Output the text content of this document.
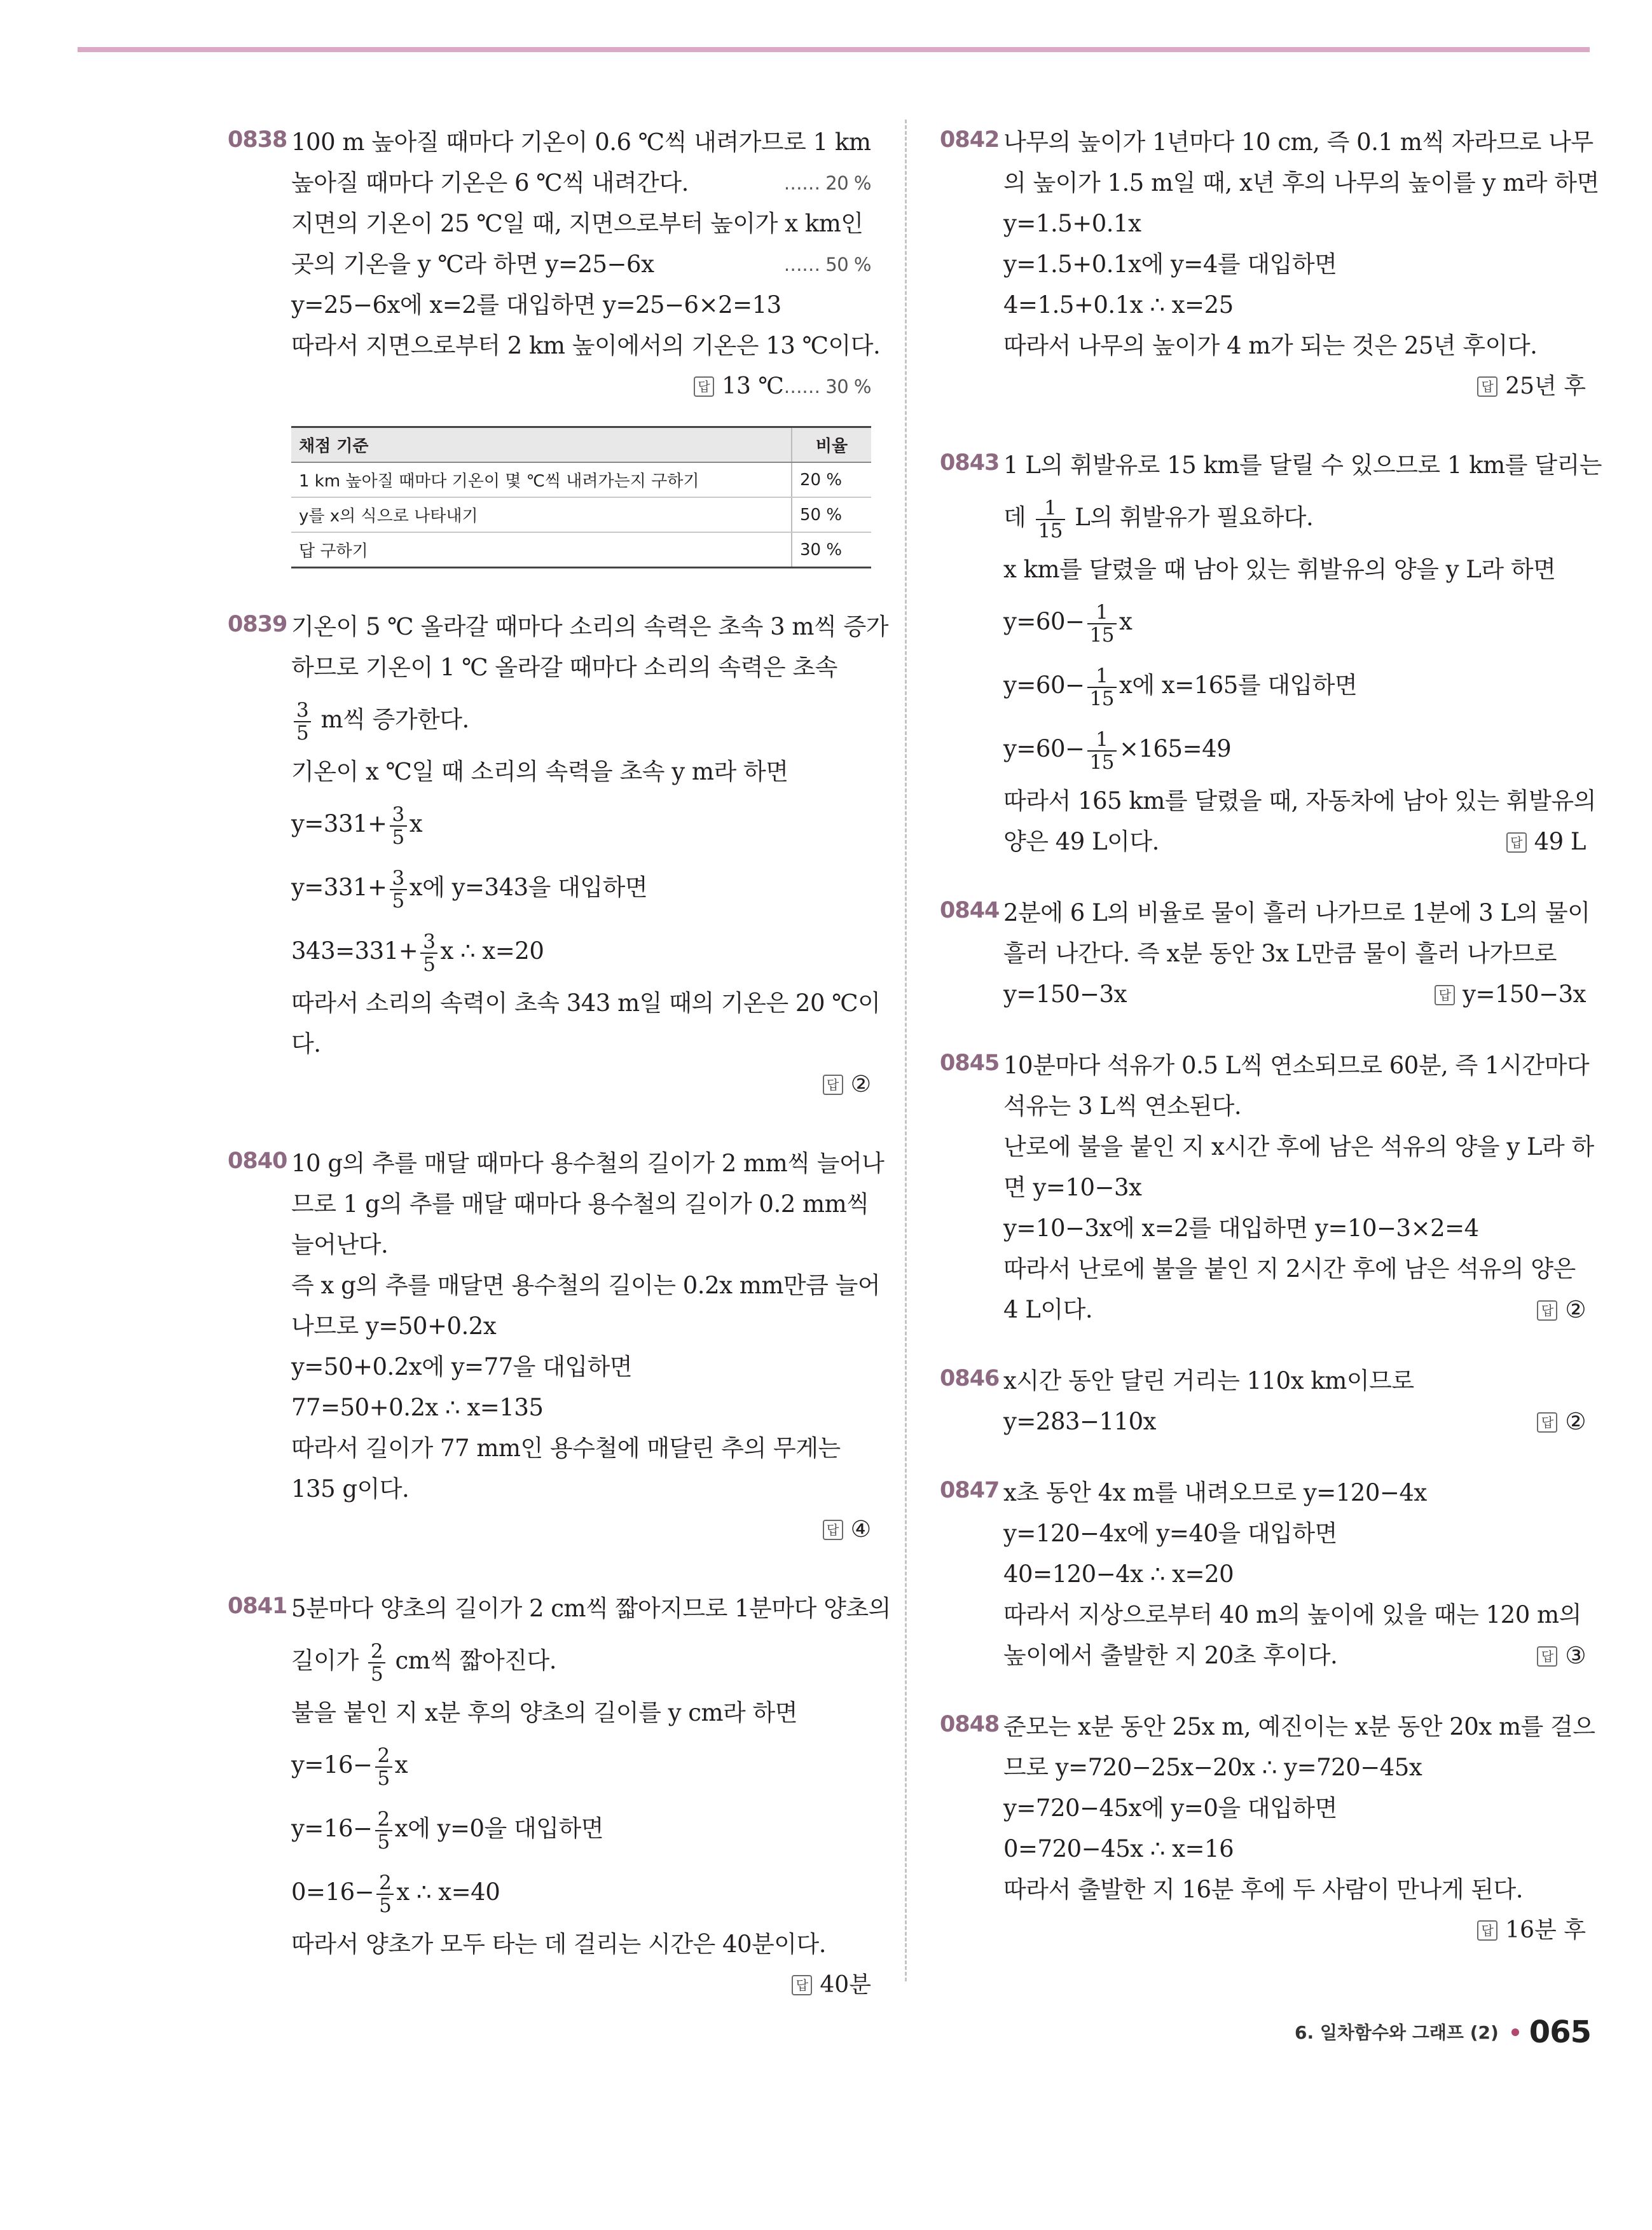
0838 100 m 높아질 때마다 기온이 0.6 ℃씩 내려가므로 1 km
높아질 때마다 기온은 6 ℃씩 내려간다.	…… 20 %
지면의 기온이 25 ℃일 때, 지면으로부터 높이가 x km인
곳의 기온을 y ℃라 하면 y=25−6x	…… 50 %
y=25−6x에 x=2를 대입하면 y=25−6×2=13
따라서 지면으로부터 2 km 높이에서의 기온은 13 ℃이다.
…… 30 %
답 13 ℃
채점 기준	비율
1 km 높아질 때마다 기온이 몇 ℃씩 내려가는지 구하기	20 %
y를 x의 식으로 나타내기	50 %
답 구하기	30 %
0839 기온이 5 ℃ 올라갈 때마다 소리의 속력은 초속 3 m씩 증가
하므로 기온이 1 ℃ 올라갈 때마다 소리의 속력은 초속
$\frac{3}{5}$ m씩 증가한다.
기온이 x ℃일 때 소리의 속력을 초속 y m라 하면
$y=331+ \frac{3}{5}$ x
$y=331+ \frac{3}{5}$ x에 y=343을 대입하면
$343=331+ \frac{3}{5}$ x ∴ x=20
따라서 소리의 속력이 초속 343 m일 때의 기온은 20 ℃이
다.
답 ②
0840 10 g의 추를 매달 때마다 용수철의 길이가 2 mm씩 늘어나
므로 1 g의 추를 매달 때마다 용수철의 길이가 0.2 mm씩
늘어난다.
즉 x g의 추를 매달면 용수철의 길이는 0.2x mm만큼 늘어
나므로 y=50+0.2x
y=50+0.2x에 y=77을 대입하면
77=50+0.2x ∴ x=135
따라서 길이가 77 mm인 용수철에 매달린 추의 무게는
135 g이다.
답 ④
0841 5분마다 양초의 길이가 2 cm씩 짧아지므로 1분마다 양초의
길이가 $\frac{2}{5}$ cm씩 짧아진다.
불을 붙인 지 x분 후의 양초의 길이를 y cm라 하면
$y=16- \frac{2}{5}$ x
$y=16- \frac{2}{5}$ x에 y=0을 대입하면
$0=16- \frac{2}{5}$ x ∴ x=40
따라서 양초가 모두 타는 데 걸리는 시간은 40분이다.
답 40분
0842 나무의 높이가 1년마다 10 cm, 즉 0.1 m씩 자라므로 나무
의 높이가 1.5 m일 때, x년 후의 나무의 높이를 y m라 하면
y=1.5+0.1x
y=1.5+0.1x에 y=4를 대입하면
4=1.5+0.1x ∴ x=25
따라서 나무의 높이가 4 m가 되는 것은 25년 후이다.
답 25년 후
0843 1 L의 휘발유로 15 km를 달릴 수 있으므로 1 km를 달리는
데 $\frac{1}{15}$ L의 휘발유가 필요하다.
x km를 달렸을 때 남아 있는 휘발유의 양을 y L라 하면
$y=60- \frac{1}{15}$ x
$y=60- \frac{1}{15}$ x에 x=165를 대입하면
$y=60- \frac{1}{15} \times 165=49$
따라서 165 km를 달렸을 때, 자동차에 남아 있는 휘발유의
양은 49 L이다.	답 49 L
0844 2분에 6 L의 비율로 물이 흘러 나가므로 1분에 3 L의 물이
흘러 나간다. 즉 x분 동안 3x L만큼 물이 흘러 나가므로
y=150−3x	답 y=150−3x
0845 10분마다 석유가 0.5 L씩 연소되므로 60분, 즉 1시간마다
석유는 3 L씩 연소된다.
난로에 불을 붙인 지 x시간 후에 남은 석유의 양을 y L라 하
면 y=10−3x
y=10−3x에 x=2를 대입하면 y=10−3×2=4
따라서 난로에 불을 붙인 지 2시간 후에 남은 석유의 양은
4 L이다.	답 ②
0846 x시간 동안 달린 거리는 110x km이므로
y=283−110x	답 ②
0847 x초 동안 4x m를 내려오므로 y=120−4x
y=120−4x에 y=40을 대입하면
40=120−4x ∴ x=20
따라서 지상으로부터 40 m의 높이에 있을 때는 120 m의
높이에서 출발한 지 20초 후이다.	답 ③
0848 준모는 x분 동안 25x m, 예진이는 x분 동안 20x m를 걸으
므로 y=720−25x−20x ∴ y=720−45x
y=720−45x에 y=0을 대입하면
0=720−45x ∴ x=16
따라서 출발한 지 16분 후에 두 사람이 만나게 된다.
답 16분 후
6. 일차함수와 그래프 (2) 065
